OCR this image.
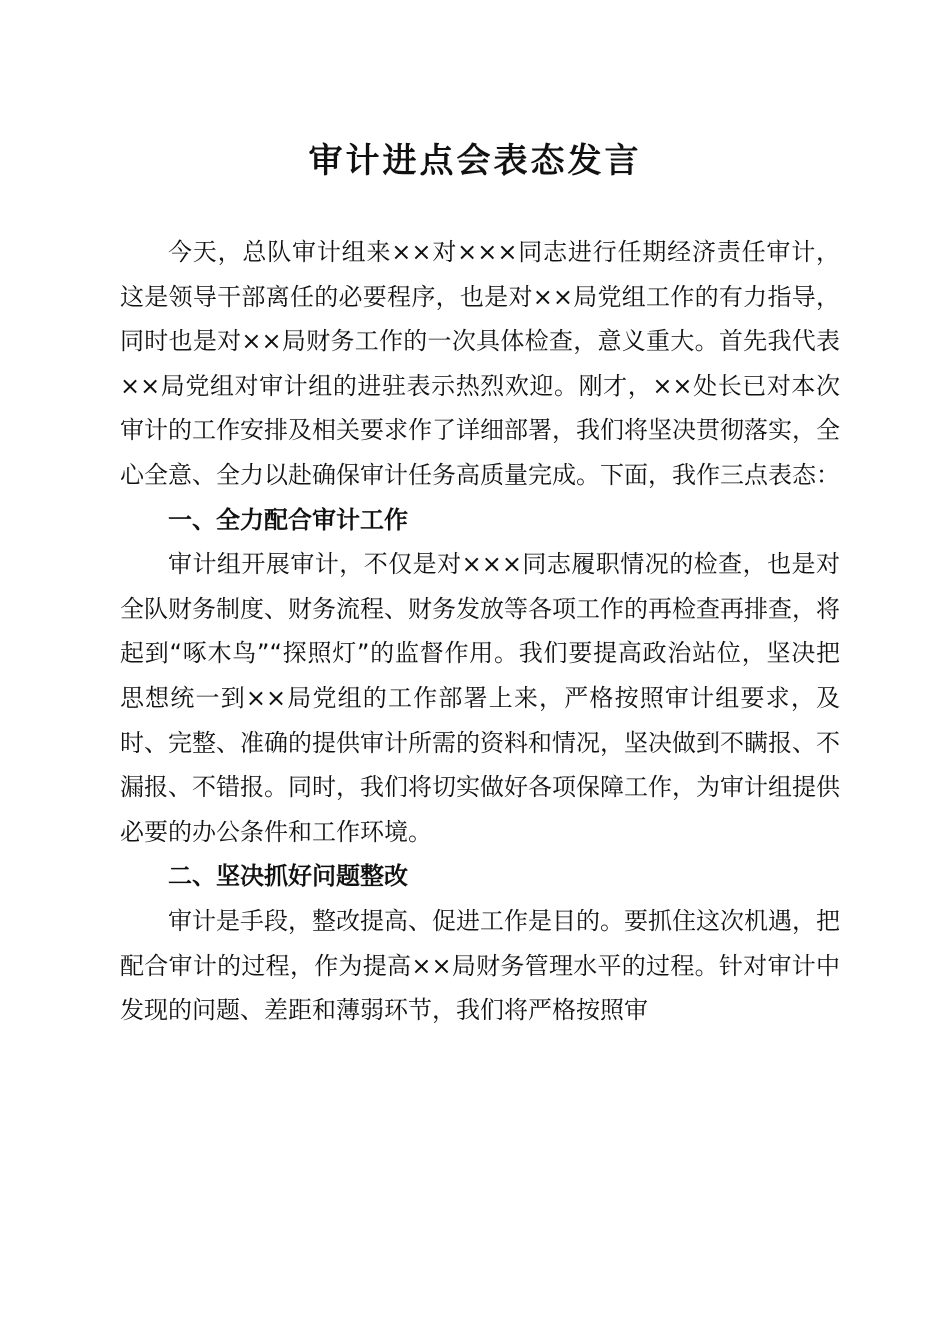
审计进点会表态发言

今天，总队审计组来××对×××同志进行任期经济责任审计，这是领导干部离任的必要程序，也是对××局党组工作的有力指导，同时也是对××局财务工作的一次具体检查，意义重大。首先我代表××局党组对审计组的进驻表示热烈欢迎。刚才，××处长已对本次审计的工作安排及相关要求作了详细部署，我们将坚决贯彻落实，全心全意、全力以赴确保审计任务高质量完成。下面，我作三点表态：

一、全力配合审计工作

审计组开展审计，不仅是对×××同志履职情况的检查，也是对全队财务制度、财务流程、财务发放等各项工作的再检查再排查，将起到“啄木鸟”“探照灯”的监督作用。我们要提高政治站位，坚决把思想统一到××局党组的工作部署上来，严格按照审计组要求，及时、完整、准确的提供审计所需的资料和情况，坚决做到不瞒报、不漏报、不错报。同时，我们将切实做好各项保障工作，为审计组提供必要的办公条件和工作环境。

二、坚决抓好问题整改

审计是手段，整改提高、促进工作是目的。要抓住这次机遇，把配合审计的过程，作为提高××局财务管理水平的过程。针对审计中发现的问题、差距和薄弱环节，我们将严格按照审
